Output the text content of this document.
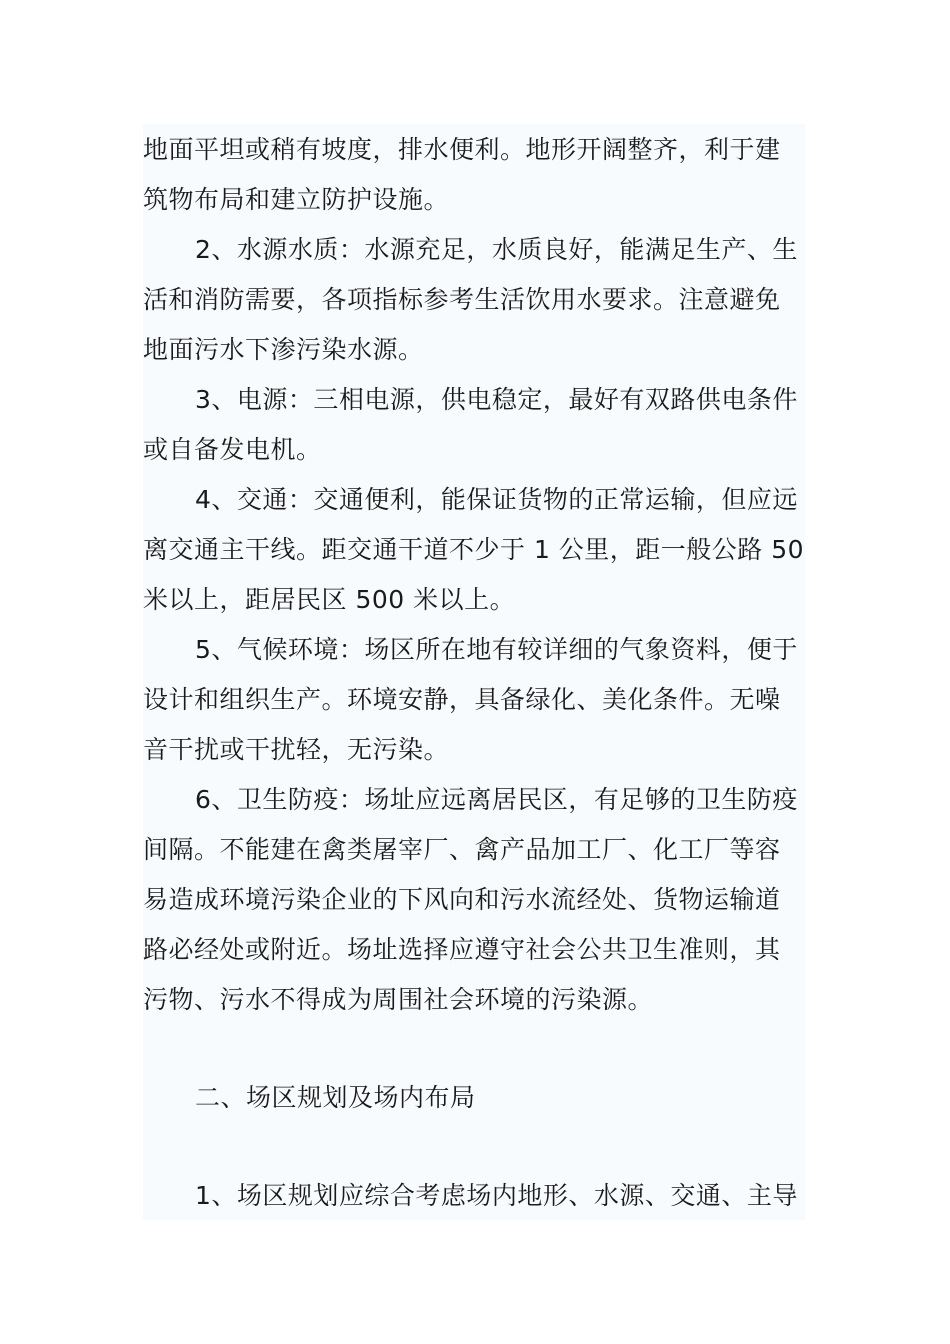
地面平坦或稍有坡度，排水便利。地形开阔整齐，利于建
筑物布局和建立防护设施。
2、水源水质：水源充足，水质良好，能满足生产、生
活和消防需要，各项指标参考生活饮用水要求。注意避免
地面污水下渗污染水源。
3、电源：三相电源，供电稳定，最好有双路供电条件
或自备发电机。
4、交通：交通便利，能保证货物的正常运输，但应远
离交通主干线。距交通干道不少于 1 公里，距一般公路 50
米以上，距居民区 500 米以上。
5、气候环境：场区所在地有较详细的气象资料，便于
设计和组织生产。环境安静，具备绿化、美化条件。无噪
音干扰或干扰轻，无污染。
6、卫生防疫：场址应远离居民区，有足够的卫生防疫
间隔。不能建在禽类屠宰厂、禽产品加工厂、化工厂等容
易造成环境污染企业的下风向和污水流经处、货物运输道
路必经处或附近。场址选择应遵守社会公共卫生准则，其
污物、污水不得成为周围社会环境的污染源。
二、场区规划及场内布局
1、场区规划应综合考虑场内地形、水源、交通、主导
